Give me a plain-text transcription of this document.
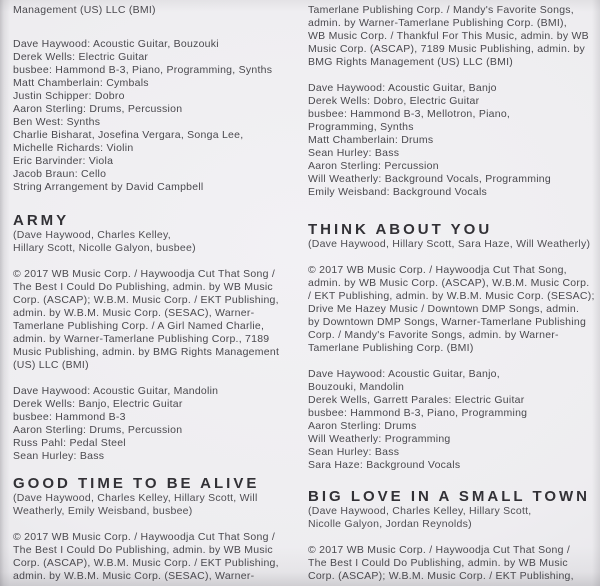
Management (US) LLC (BMI)
Dave Haywood: Acoustic Guitar, Bouzouki
Derek Wells: Electric Guitar
busbee: Hammond B-3, Piano, Programming, Synths
Matt Chamberlain: Cymbals
Justin Schipper: Dobro
Aaron Sterling: Drums, Percussion
Ben West: Synths
Charlie Bisharat, Josefina Vergara, Songa Lee,
Michelle Richards: Violin
Eric Barvinder: Viola
Jacob Braun: Cello
String Arrangement by David Campbell
ARMY
(Dave Haywood, Charles Kelley,
Hillary Scott, Nicolle Galyon, busbee)
© 2017 WB Music Corp. / Haywoodja Cut That Song /
The Best I Could Do Publishing, admin. by WB Music
Corp. (ASCAP); W.B.M. Music Corp. / EKT Publishing,
admin. by W.B.M. Music Corp. (SESAC), Warner-
Tamerlane Publishing Corp. / A Girl Named Charlie,
admin. by Warner-Tamerlane Publishing Corp., 7189
Music Publishing, admin. by BMG Rights Management
(US) LLC (BMI)
Dave Haywood: Acoustic Guitar, Mandolin
Derek Wells: Banjo, Electric Guitar
busbee: Hammond B-3
Aaron Sterling: Drums, Percussion
Russ Pahl: Pedal Steel
Sean Hurley: Bass
GOOD TIME TO BE ALIVE
(Dave Haywood, Charles Kelley, Hillary Scott, Will
Weatherly, Emily Weisband, busbee)
© 2017 WB Music Corp. / Haywoodja Cut That Song /
The Best I Could Do Publishing, admin. by WB Music
Corp. (ASCAP), W.B.M. Music Corp. / EKT Publishing,
admin. by W.B.M. Music Corp. (SESAC), Warner-
Tamerlane Publishing Corp. / Mandy's Favorite Songs,
admin. by Warner-Tamerlane Publishing Corp. (BMI),
WB Music Corp. / Thankful For This Music, admin. by WB
Music Corp. (ASCAP), 7189 Music Publishing, admin. by
BMG Rights Management (US) LLC (BMI)
Dave Haywood: Acoustic Guitar, Banjo
Derek Wells: Dobro, Electric Guitar
busbee: Hammond B-3, Mellotron, Piano,
Programming, Synths
Matt Chamberlain: Drums
Sean Hurley: Bass
Aaron Sterling: Percussion
Will Weatherly: Background Vocals, Programming
Emily Weisband: Background Vocals
THINK ABOUT YOU
(Dave Haywood, Hillary Scott, Sara Haze, Will Weatherly)
© 2017 WB Music Corp. / Haywoodja Cut That Song,
admin. by WB Music Corp. (ASCAP), W.B.M. Music Corp.
/ EKT Publishing, admin. by W.B.M. Music Corp. (SESAC);
Drive Me Hazey Music / Downtown DMP Songs, admin.
by Downtown DMP Songs, Warner-Tamerlane Publishing
Corp. / Mandy's Favorite Songs, admin. by Warner-
Tamerlane Publishing Corp. (BMI)
Dave Haywood: Acoustic Guitar, Banjo,
Bouzouki, Mandolin
Derek Wells, Garrett Parales: Electric Guitar
busbee: Hammond B-3, Piano, Programming
Aaron Sterling: Drums
Will Weatherly: Programming
Sean Hurley: Bass
Sara Haze: Background Vocals
BIG LOVE IN A SMALL TOWN
(Dave Haywood, Charles Kelley, Hillary Scott,
Nicolle Galyon, Jordan Reynolds)
© 2017 WB Music Corp. / Haywoodja Cut That Song /
The Best I Could Do Publishing, admin. by WB Music
Corp. (ASCAP); W.B.M. Music Corp. / EKT Publishing,
